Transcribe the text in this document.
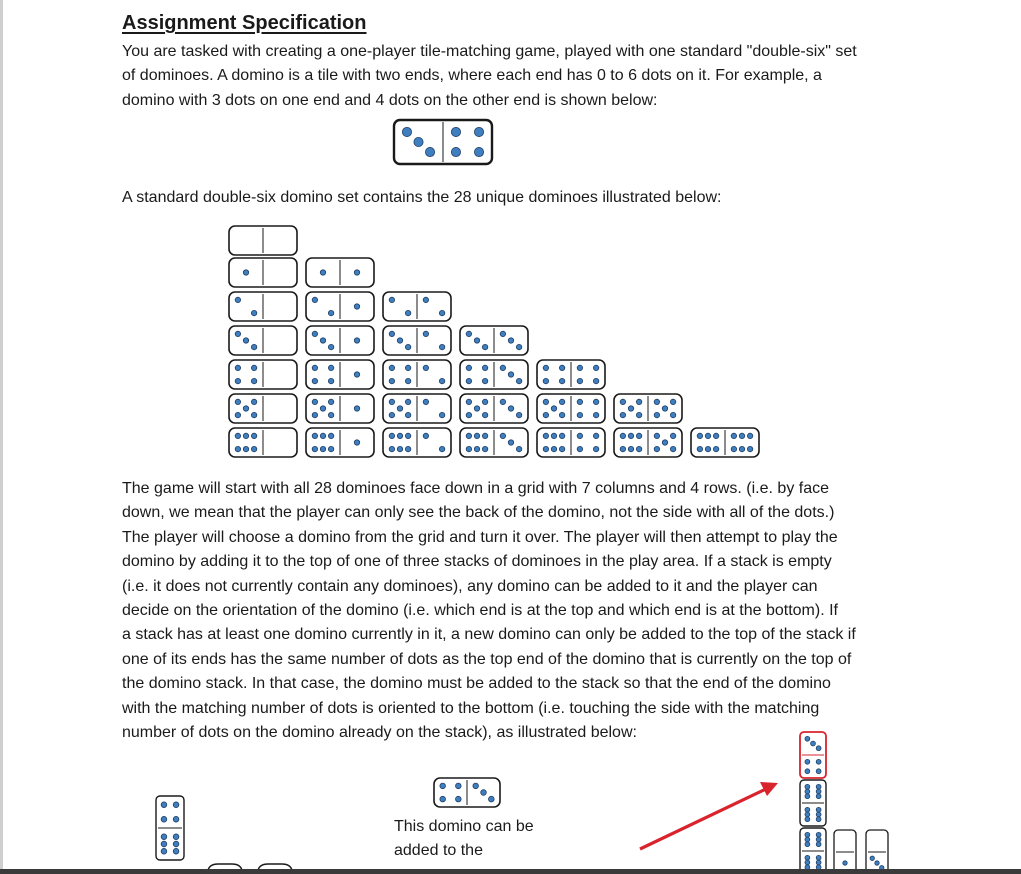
Assignment Specification

You are tasked with creating a one-player tile-matching game, played with one standard "double-six" set
of dominoes. A domino is a tile with two ends, where each end has 0 to 6 dots on it. For example, a
domino with 3 dots on one end and 4 dots on the other end is shown below:

A standard double-six domino set contains the 28 unique dominoes illustrated below:

The game will start with all 28 dominoes face down in a grid with 7 columns and 4 rows. (i.e. by face
down, we mean that the player can only see the back of the domino, not the side with all of the dots.)
The player will choose a domino from the grid and turn it over. The player will then attempt to play the
domino by adding it to the top of one of three stacks of dominoes in the play area. If a stack is empty
(i.e. it does not currently contain any dominoes), any domino can be added to it and the player can
decide on the orientation of the domino (i.e. which end is at the top and which end is at the bottom). If
a stack has at least one domino currently in it, a new domino can only be added to the top of the stack if
one of its ends has the same number of dots as the top end of the domino that is currently on the top of
the domino stack. In that case, the domino must be added to the stack so that the end of the domino
with the matching number of dots is oriented to the bottom (i.e. touching the side with the matching
number of dots on the domino already on the stack), as illustrated below:

This domino can be
added to the
